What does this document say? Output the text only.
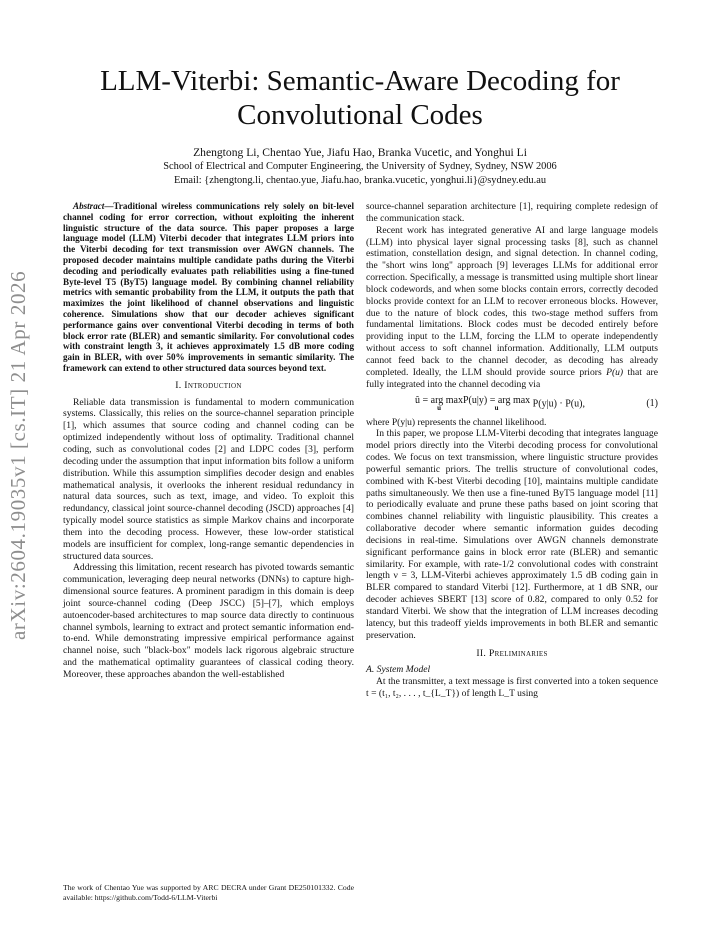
arXiv:2604.19035v1 [cs.IT] 21 Apr 2026
LLM-Viterbi: Semantic-Aware Decoding for
Convolutional Codes
Zhengtong Li, Chentao Yue, Jiafu Hao, Branka Vucetic, and Yonghui Li
School of Electrical and Computer Engineering, the University of Sydney, Sydney, NSW 2006
Email: {zhengtong.li, chentao.yue, Jiafu.hao, branka.vucetic, yonghui.li}@sydney.edu.au

Abstract—Traditional wireless communications rely solely on bit-level channel coding for error correction, without exploiting the inherent linguistic structure of the data source. This paper proposes a large language model (LLM) Viterbi decoder that integrates LLM priors into the Viterbi decoding for text transmission over AWGN channels. The proposed decoder maintains multiple candidate paths during the Viterbi decoding and periodically evaluates path reliabilities using a fine-tuned Byte-level T5 (ByT5) language model. By combining channel reliability metrics with semantic probability from the LLM, it outputs the path that maximizes the joint likelihood of channel observations and linguistic coherence. Simulations show that our decoder achieves significant performance gains over conventional Viterbi decoding in terms of both block error rate (BLER) and semantic similarity. For convolutional codes with constraint length 3, it achieves approximately 1.5 dB more coding gain in BLER, with over 50% improvements in semantic similarity. The framework can extend to other structured data sources beyond text.

I. Introduction

Reliable data transmission is fundamental to modern communication systems. Classically, this relies on the source-channel separation principle [1], which assumes that source coding and channel coding can be optimized independently without loss of optimality. Traditional channel coding, such as convolutional codes [2] and LDPC codes [3], perform decoding under the assumption that input information bits follow a uniform distribution. While this assumption simplifies decoder design and enables mathematical analysis, it overlooks the inherent residual redundancy in natural data sources, such as text, image, and video. To exploit this redundancy, classical joint source-channel decoding (JSCD) approaches [4] typically model source statistics as simple Markov chains and incorporate them into the decoding process. However, these low-order statistical models are insufficient for complex, long-range semantic dependencies in structured data sources.

Addressing this limitation, recent research has pivoted towards semantic communication, leveraging deep neural networks (DNNs) to capture high-dimensional source features. A prominent paradigm in this domain is deep joint source-channel coding (Deep JSCC) [5]–[7], which employs autoencoder-based architectures to map source data directly to continuous channel symbols, learning to extract and protect semantic information end-to-end. While demonstrating impressive empirical performance against channel noise, such "black-box" models lack rigorous algebraic structure and the mathematical optimality guarantees of classical coding theory. Moreover, these approaches abandon the well-established

source-channel separation architecture [1], requiring complete redesign of the communication stack.

Recent work has integrated generative AI and large language models (LLM) into physical layer signal processing tasks [8], such as channel estimation, constellation design, and signal detection. In channel coding, the "short wins long" approach [9] leverages LLMs for additional error correction. Specifically, a message is transmitted using multiple short linear block codewords, and when some blocks contain errors, correctly decoded blocks provide context for an LLM to recover erroneous blocks. However, due to the nature of block codes, this two-stage method suffers from fundamental limitations. Block codes must be decoded entirely before providing input to the LLM, forcing the LLM to operate independently without access to soft channel information. Additionally, LLM outputs cannot feed back to the channel decoder, as decoding has already completed. Ideally, the LLM should provide source priors P(u) that are fully integrated into the channel decoding via

û = arg max
u
P(u|y) = arg max
u	P(y|u) · P(u),	(1)

where P(y|u) represents the channel likelihood.

In this paper, we propose LLM-Viterbi decoding that integrates language model priors directly into the Viterbi decoding process for convolutional codes. We focus on text transmission, where linguistic structure provides powerful semantic priors. The trellis structure of convolutional codes, combined with K-best Viterbi decoding [10], maintains multiple candidate paths simultaneously. We then use a fine-tuned ByT5 language model [11] to periodically evaluate and prune these paths based on joint scoring that combines channel reliability with linguistic plausibility. This creates a collaborative decoder where semantic information guides decoding decisions in real-time. Simulations over AWGN channels demonstrate significant performance gains in block error rate (BLER) and semantic similarity. For example, with rate-1/2 convolutional codes with constraint length ν = 3, LLM-Viterbi achieves approximately 1.5 dB coding gain in BLER compared to standard Viterbi [12]. Furthermore, at 1 dB SNR, our decoder achieves SBERT [13] score of 0.82, compared to only 0.52 for standard Viterbi. We show that the integration of LLM increases decoding latency, but this tradeoff yields improvements in both BLER and semantic preservation.

II. Preliminaries
A. System Model

At the transmitter, a text message is first converted into a token sequence t = (t₁, t₂, . . . , t_{L_T}) of length L_T using

The work of Chentao Yue was supported by ARC DECRA under Grant DE250101332. Code available: https://github.com/Todd-6/LLM-Viterbi
